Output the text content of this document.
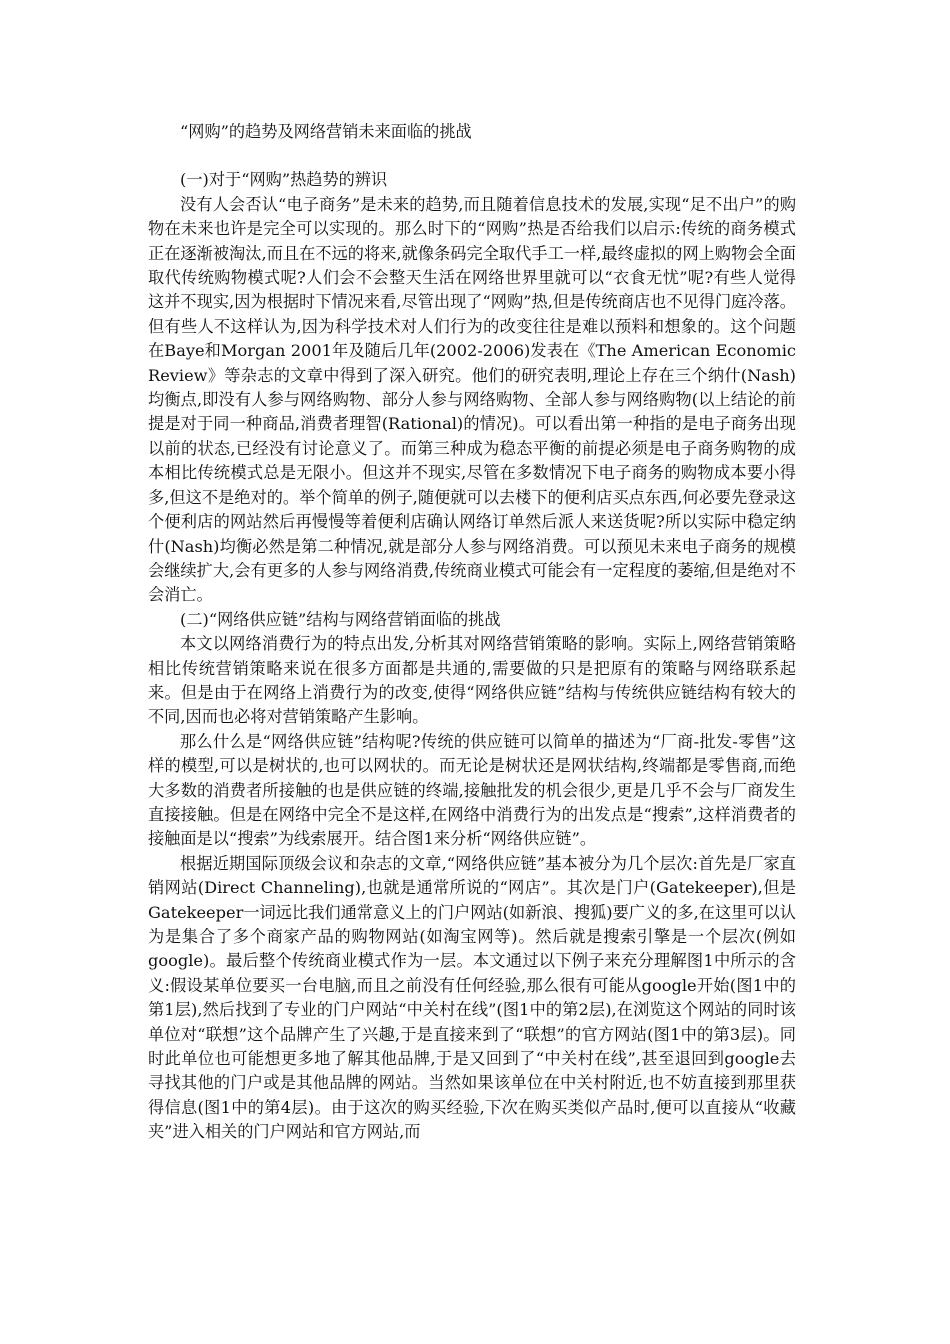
“网购”的趋势及网络营销未来面临的挑战

(一)对于“网购”热趋势的辨识

没有人会否认“电子商务”是未来的趋势,而且随着信息技术的发展,实现“足不出户”的购物在未来也许是完全可以实现的。那么时下的“网购”热是否给我们以启示:传统的商务模式正在逐渐被淘汰,而且在不远的将来,就像条码完全取代手工一样,最终虚拟的网上购物会全面取代传统购物模式呢?人们会不会整天生活在网络世界里就可以“衣食无忧”呢?有些人觉得这并不现实,因为根据时下情况来看,尽管出现了“网购”热,但是传统商店也不见得门庭冷落。但有些人不这样认为,因为科学技术对人们行为的改变往往是难以预料和想象的。这个问题在Baye和Morgan 2001年及随后几年(2002-2006)发表在《The American Economic Review》等杂志的文章中得到了深入研究。他们的研究表明,理论上存在三个纳什(Nash)均衡点,即没有人参与网络购物、部分人参与网络购物、全部人参与网络购物(以上结论的前提是对于同一种商品,消费者理智(Rational)的情况)。可以看出第一种指的是电子商务出现以前的状态,已经没有讨论意义了。而第三种成为稳态平衡的前提必须是电子商务购物的成本相比传统模式总是无限小。但这并不现实,尽管在多数情况下电子商务的购物成本要小得多,但这不是绝对的。举个简单的例子,随便就可以去楼下的便利店买点东西,何必要先登录这个便利店的网站然后再慢慢等着便利店确认网络订单然后派人来送货呢?所以实际中稳定纳什(Nash)均衡必然是第二种情况,就是部分人参与网络消费。可以预见未来电子商务的规模会继续扩大,会有更多的人参与网络消费,传统商业模式可能会有一定程度的萎缩,但是绝对不会消亡。

(二)“网络供应链”结构与网络营销面临的挑战

本文以网络消费行为的特点出发,分析其对网络营销策略的影响。实际上,网络营销策略相比传统营销策略来说在很多方面都是共通的,需要做的只是把原有的策略与网络联系起来。但是由于在网络上消费行为的改变,使得“网络供应链”结构与传统供应链结构有较大的不同,因而也必将对营销策略产生影响。

那么什么是“网络供应链”结构呢?传统的供应链可以简单的描述为“厂商-批发-零售”这样的模型,可以是树状的,也可以网状的。而无论是树状还是网状结构,终端都是零售商,而绝大多数的消费者所接触的也是供应链的终端,接触批发的机会很少,更是几乎不会与厂商发生直接接触。但是在网络中完全不是这样,在网络中消费行为的出发点是“搜索”,这样消费者的接触面是以“搜索”为线索展开。结合图1来分析“网络供应链”。

根据近期国际顶级会议和杂志的文章,“网络供应链”基本被分为几个层次:首先是厂家直销网站(Direct Channeling),也就是通常所说的“网店”。其次是门户(Gatekeeper),但是Gatekeeper一词远比我们通常意义上的门户网站(如新浪、搜狐)要广义的多,在这里可以认为是集合了多个商家产品的购物网站(如淘宝网等)。然后就是搜索引擎是一个层次(例如google)。最后整个传统商业模式作为一层。本文通过以下例子来充分理解图1中所示的含义:假设某单位要买一台电脑,而且之前没有任何经验,那么很有可能从google开始(图1中的第1层),然后找到了专业的门户网站“中关村在线”(图1中的第2层),在浏览这个网站的同时该单位对“联想”这个品牌产生了兴趣,于是直接来到了“联想”的官方网站(图1中的第3层)。同时此单位也可能想更多地了解其他品牌,于是又回到了“中关村在线”,甚至退回到google去寻找其他的门户或是其他品牌的网站。当然如果该单位在中关村附近,也不妨直接到那里获得信息(图1中的第4层)。由于这次的购买经验,下次在购买类似产品时,便可以直接从“收藏夹”进入相关的门户网站和官方网站,而
